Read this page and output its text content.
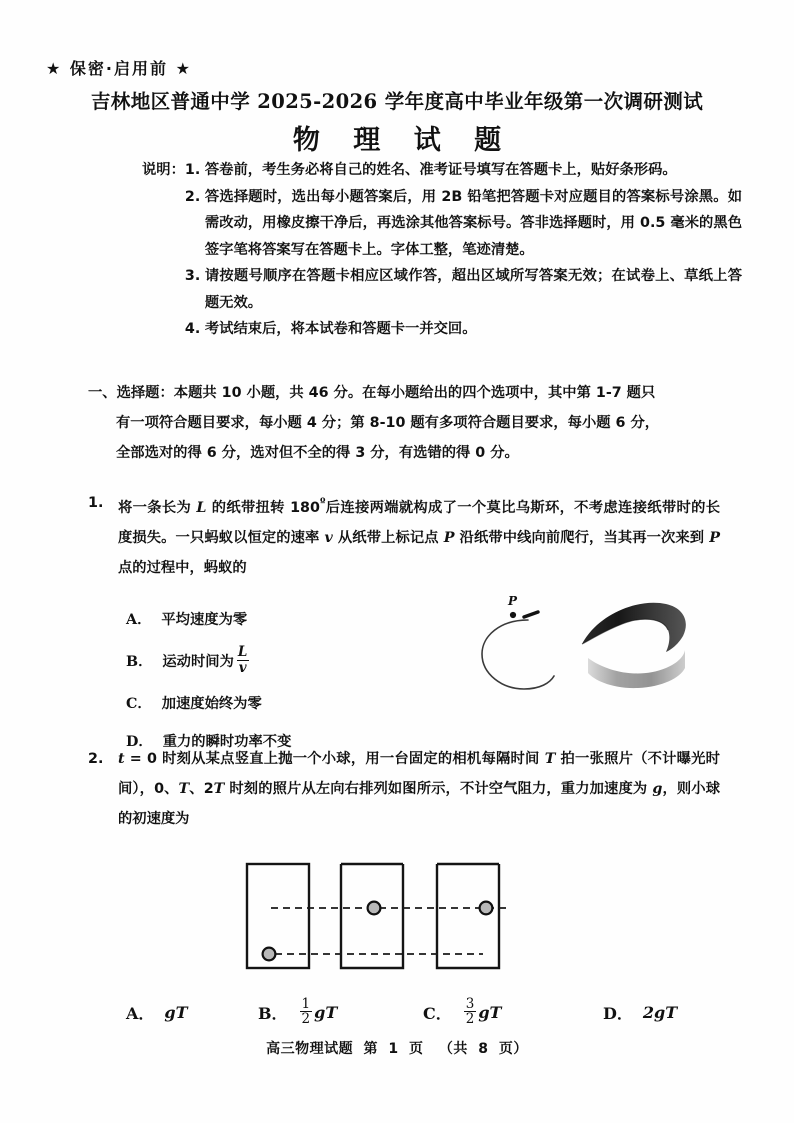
★ 保密·启用前 ★
吉林地区普通中学 2025-2026 学年度高中毕业年级第一次调研测试
物 理 试 题
说明： 1. 答卷前，考生务必将自己的姓名、准考证号填写在答题卡上，贴好条形码。
2. 答选择题时，选出每小题答案后，用 2B 铅笔把答题卡对应题目的答案标号涂黑。如需改动，用橡皮擦干净后，再选涂其他答案标号。答非选择题时，用 0.5 毫米的黑色签字笔将答案写在答题卡上。字体工整，笔迹清楚。
3. 请按题号顺序在答题卡相应区域作答，超出区域所写答案无效；在试卷上、草纸上答题无效。
4. 考试结束后，将本试卷和答题卡一并交回。
一、选择题：本题共 10 小题，共 46 分。在每小题给出的四个选项中，其中第 1-7 题只
有一项符合题目要求，每小题 4 分；第 8-10 题有多项符合题目要求，每小题 6 分，
全部选对的得 6 分，选对但不全的得 3 分，有选错的得 0 分。
1.	将一条长为 L 的纸带扭转 $180^º$后连接两端就构成了一个莫比乌斯环，不考虑连接纸带时的长度损失。一只蚂蚁以恒定的速率 v 从纸带上标记点 P 沿纸带中线向前爬行，当其再一次来到 P 点的过程中，蚂蚁的
A． 平均速度为零
B． 运动时间为 $\frac{L}{v}$
C． 加速度始终为零
D． 重力的瞬时功率不变
P
2.	t = 0 时刻从某点竖直上抛一个小球，用一台固定的相机每隔时间 T 拍一张照片（不计曝光时间），0、T、2T 时刻的照片从左向右排列如图所示，不计空气阻力，重力加速度为 g，则小球的初速度为
A． gT	B． $\frac{1}{2}$ gT	C． $\frac{3}{2}$ gT	D． 2gT
高三物理试题 第 1 页 （共 8 页）
